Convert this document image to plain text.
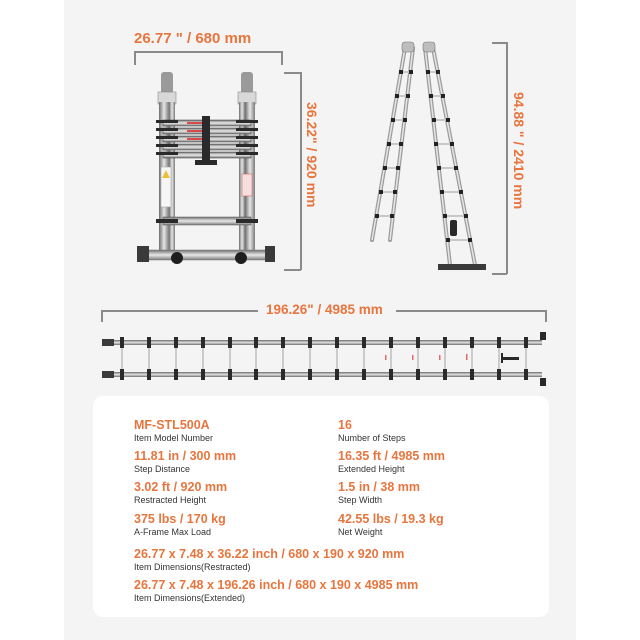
26.77 " / 680 mm
36.22" / 920 mm	94.88 " / 2410 mm
196.26" / 4985 mm
MF-STL500A
Item Model Number
11.81 in / 300 mm
Step Distance
3.02 ft / 920 mm
Restracted Height
375 lbs / 170 kg
A-Frame Max Load
16
Number of Steps
16.35 ft / 4985 mm
Extended Height
1.5 in / 38 mm
Step Width
42.55 lbs / 19.3 kg
Net Weight
26.77 x 7.48 x 36.22 inch / 680 x 190 x 920 mm
Item Dimensions(Restracted)
26.77 x 7.48 x 196.26 inch / 680 x 190 x 4985 mm
Item Dimensions(Extended)
